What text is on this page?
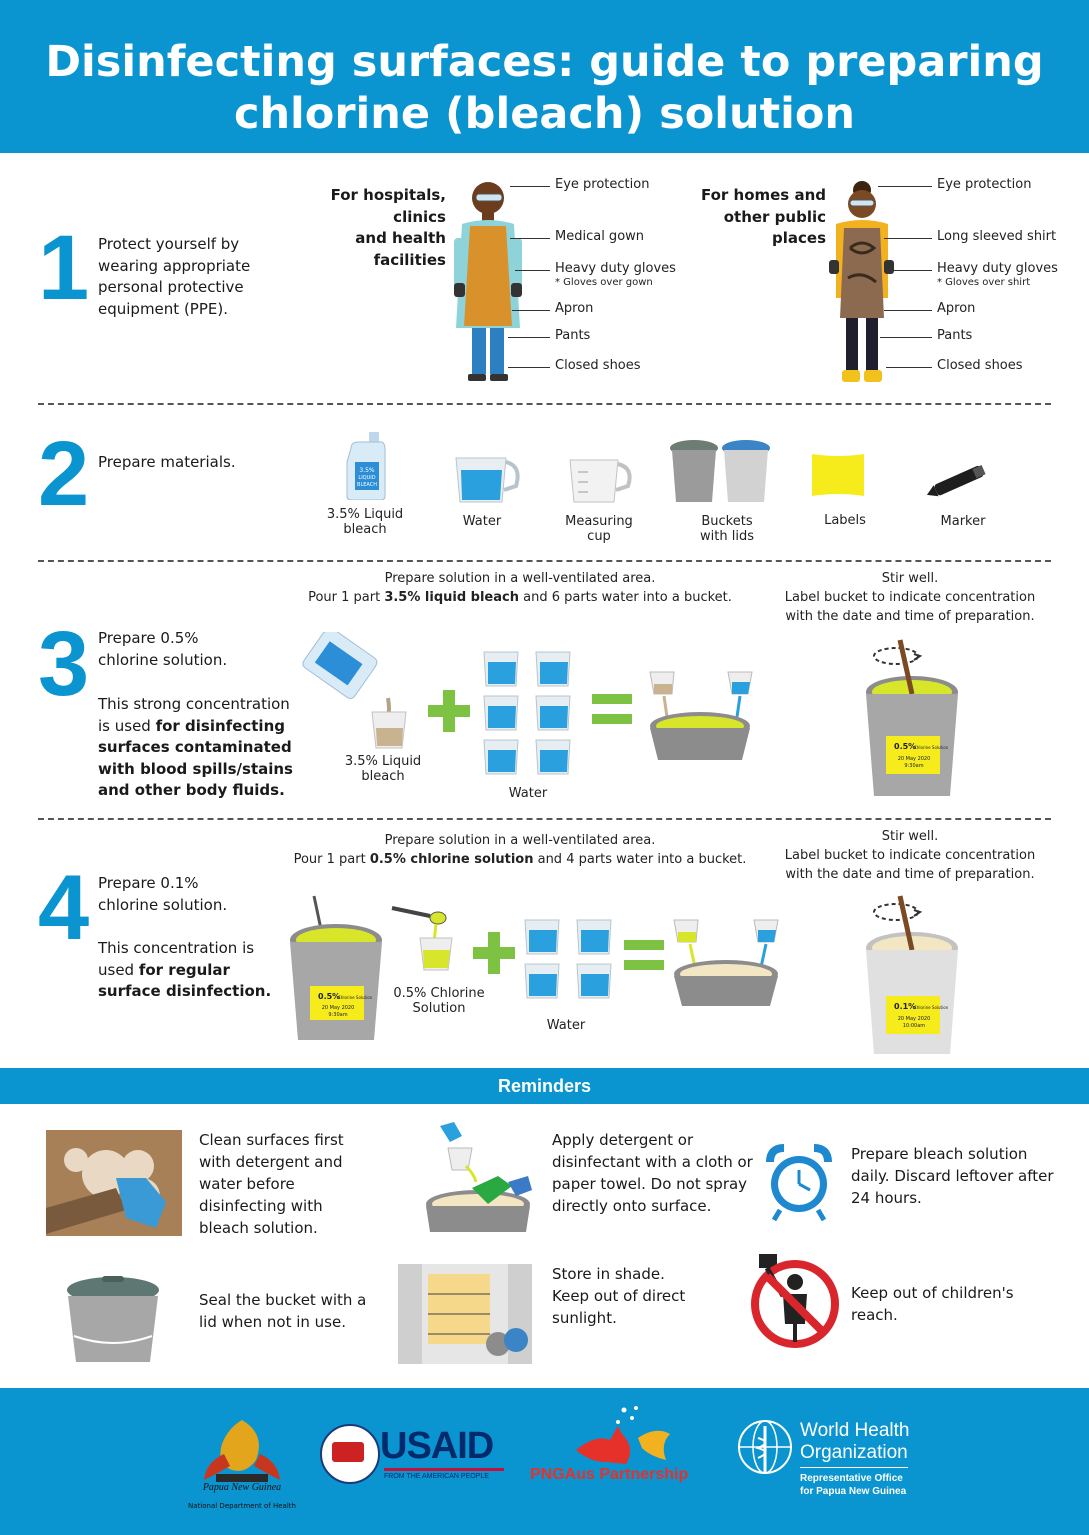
Disinfecting surfaces: guide to preparing
chlorine (bleach) solution
1 Protect yourself by
wearing appropriate
personal protective
equipment (PPE).
For hospitals, clinics
and health facilities
For homes and
other public places
Eye protection
Medical gown
Heavy duty gloves
* Gloves over gown
Apron
Pants
Closed shoes
Eye protection
Long sleeved shirt
Heavy duty gloves
* Gloves over shirt
Apron
Pants
Closed shoes
2 Prepare materials.	3.5%
LIQUID
BLEACH
3.5% Liquid
bleach
Water	Measuring
cup
Buckets
with lids
Labels	Marker
3 Prepare 0.5%
chlorine solution.
This strong concentration
is used for disinfecting
surfaces contaminated
with blood spills/stains
and other body fluids.
Prepare solution in a well-ventilated area.
Pour 1 part 3.5% liquid bleach and 6 parts water into a bucket.
Stir well.
Label bucket to indicate concentration
with the date and time of preparation.
3.5% Liquid
bleach
Water
0.5%
Chlorine Solution
20 May 2020
9:30am
4 Prepare 0.1%
chlorine solution.
This concentration is
used for regular
surface disinfection.
Prepare solution in a well-ventilated area.
Pour 1 part 0.5% chlorine solution and 4 parts water into a bucket.
Stir well.
Label bucket to indicate concentration
with the date and time of preparation.
0.5%
Chlorine Solution
20 May 2020
9:30am
0.5% Chlorine
Solution
Water
0.1%
Chlorine Solution
20 May 2020
10:00am
Reminders
Clean surfaces first
with detergent and
water before
disinfecting with
bleach solution.
Apply detergent or
disinfectant with a cloth or
paper towel. Do not spray
directly onto surface.
Prepare bleach solution
daily. Discard leftover after
24 hours.
Seal the bucket with a
lid when not in use.
Store in shade.
Keep out of direct
sunlight.
Keep out of children's
reach.
Papua New Guinea
National Department of Health
USAID
FROM THE AMERICAN PEOPLE	PNGAus Partnership
World Health
Organization
Representative Office
for Papua New Guinea
